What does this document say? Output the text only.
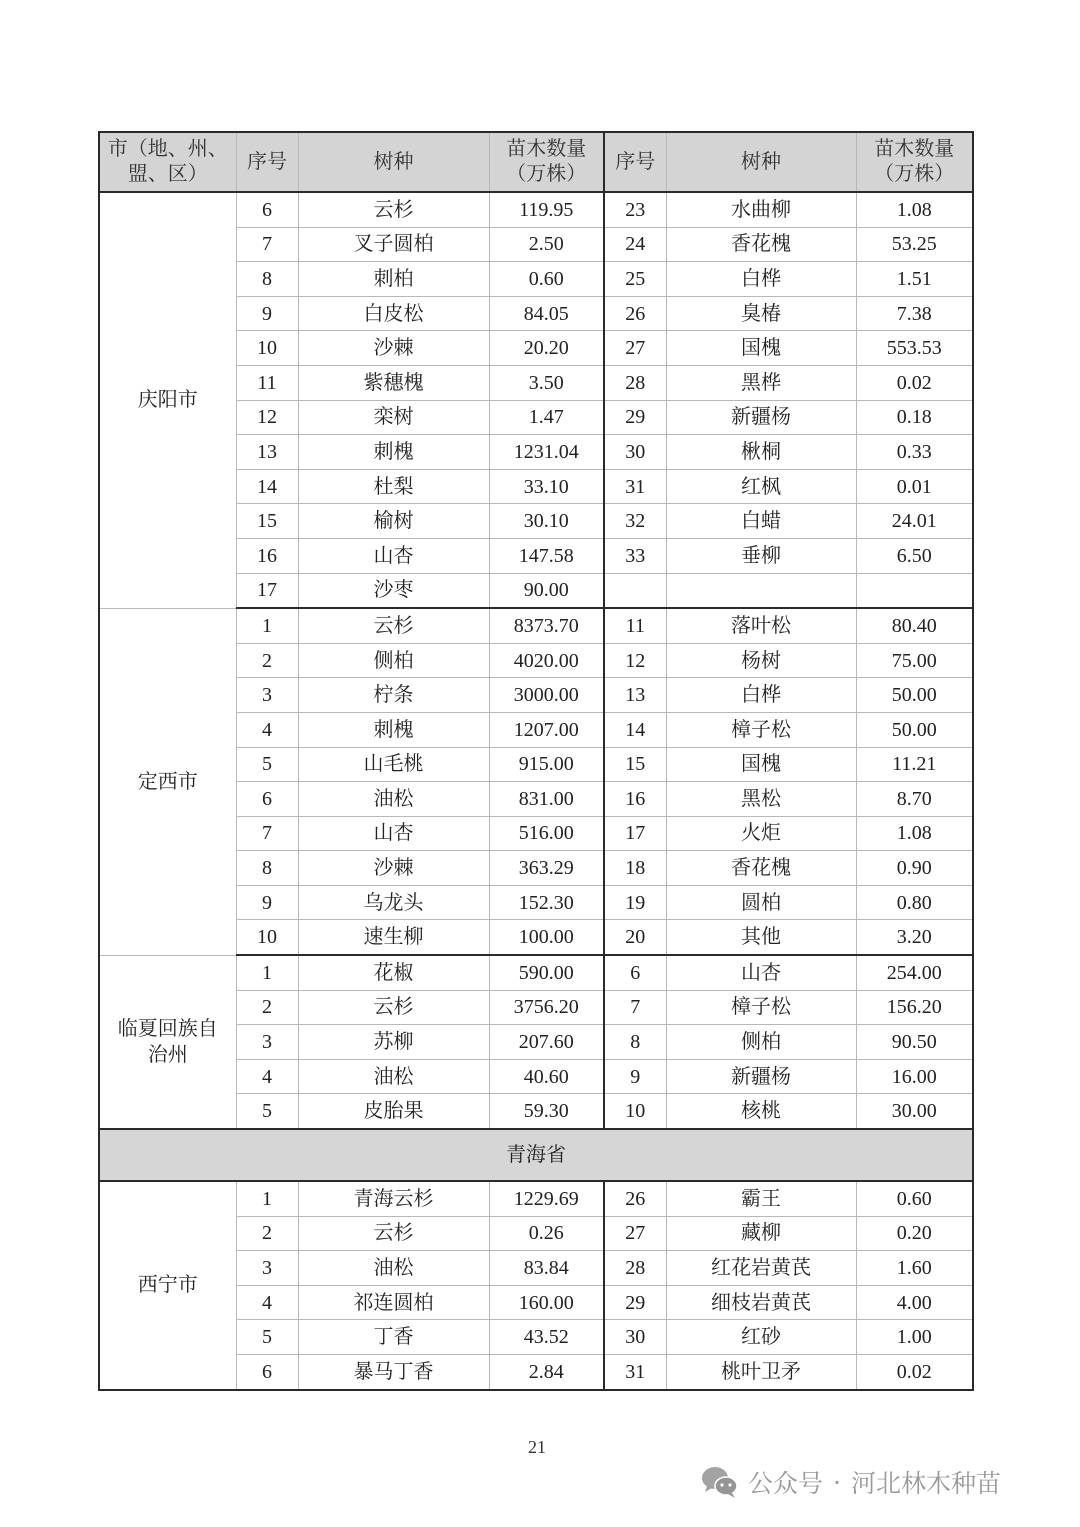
市（地、州、盟、区）	序号	树种	苗木数量（万株）	序号	树种	苗木数量（万株）
庆阳市	6	云杉	119.95	23	水曲柳	1.08
	7	叉子圆柏	2.50	24	香花槐	53.25
	8	刺柏	0.60	25	白桦	1.51
	9	白皮松	84.05	26	臭椿	7.38
	10	沙棘	20.20	27	国槐	553.53
	11	紫穗槐	3.50	28	黑桦	0.02
	12	栾树	1.47	29	新疆杨	0.18
	13	刺槐	1231.04	30	楸桐	0.33
	14	杜梨	33.10	31	红枫	0.01
	15	榆树	30.10	32	白蜡	24.01
	16	山杏	147.58	33	垂柳	6.50
	17	沙枣	90.00			
定西市	1	云杉	8373.70	11	落叶松	80.40
	2	侧柏	4020.00	12	杨树	75.00
	3	柠条	3000.00	13	白桦	50.00
	4	刺槐	1207.00	14	樟子松	50.00
	5	山毛桃	915.00	15	国槐	11.21
	6	油松	831.00	16	黑松	8.70
	7	山杏	516.00	17	火炬	1.08
	8	沙棘	363.29	18	香花槐	0.90
	9	乌龙头	152.30	19	圆柏	0.80
	10	速生柳	100.00	20	其他	3.20
临夏回族自治州	1	花椒	590.00	6	山杏	254.00
	2	云杉	3756.20	7	樟子松	156.20
	3	苏柳	207.60	8	侧柏	90.50
	4	油松	40.60	9	新疆杨	16.00
	5	皮胎果	59.30	10	核桃	30.00
青海省						
西宁市	1	青海云杉	1229.69	26	霸王	0.60
	2	云杉	0.26	27	藏柳	0.20
	3	油松	83.84	28	红花岩黄芪	1.60
	4	祁连圆柏	160.00	29	细枝岩黄芪	4.00
	5	丁香	43.52	30	红砂	1.00
	6	暴马丁香	2.84	31	桃叶卫矛	0.02
21
公众号 · 河北林木种苗
